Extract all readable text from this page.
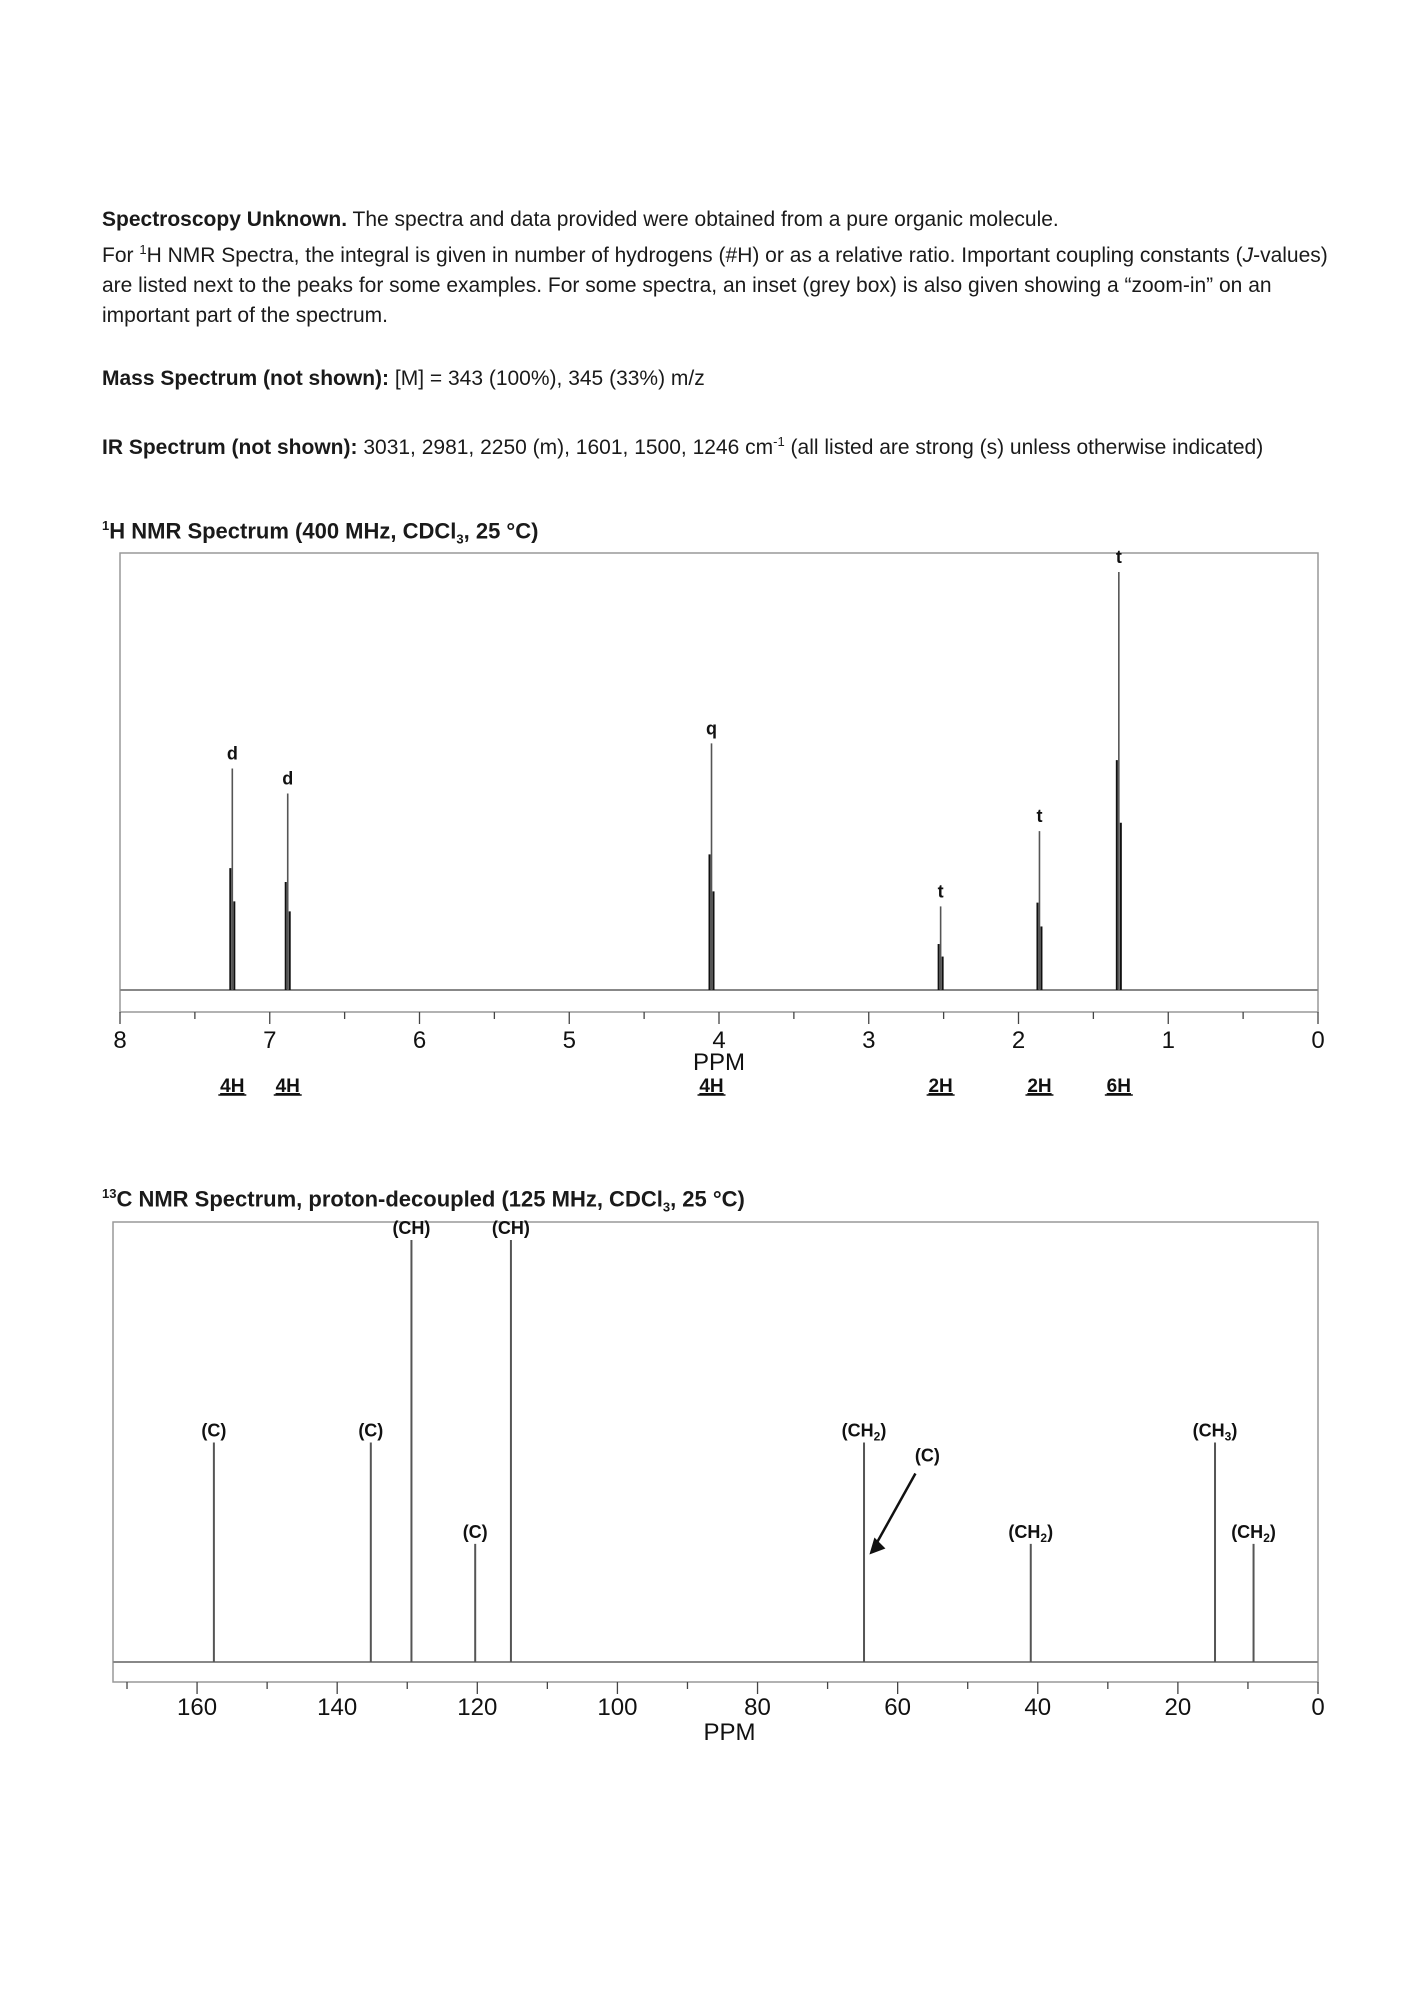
Spectroscopy Unknown. The spectra and data provided were obtained from a pure organic molecule.
For $^1$H NMR Spectra, the integral is given in number of hydrogens (#H) or as a relative ratio. Important coupling constants (J-values) are listed next to the peaks for some examples. For some spectra, an inset (grey box) is also given showing a “zoom-in” on an important part of the spectrum.
Mass Spectrum (not shown): [M] = 343 (100%), 345 (33%) m/z
IR Spectrum (not shown): 3031, 2981, 2250 (m), 1601, 1500, 1246 $cm^{-1}$ (all listed are strong (s) unless otherwise indicated)
$^1$H NMR Spectrum (400 MHz, CDCl$_3$, 25 °C)
$^{13}$C NMR Spectrum, proton-decoupled (125 MHz, CDCl$_3$, 25 °C)
8	7	6	5	4	3	2	1	0
PPM
d
4H
d
4H
q
4H
t
2H
t
2H
t
6H
160	140	120	100	80	60	40	20	0
PPM
(C)	(C)
(CH)
(C)
(CH)
$(CH_2)$
(C)
$(CH_2)$
$(CH_3)$
$(CH_2)$
